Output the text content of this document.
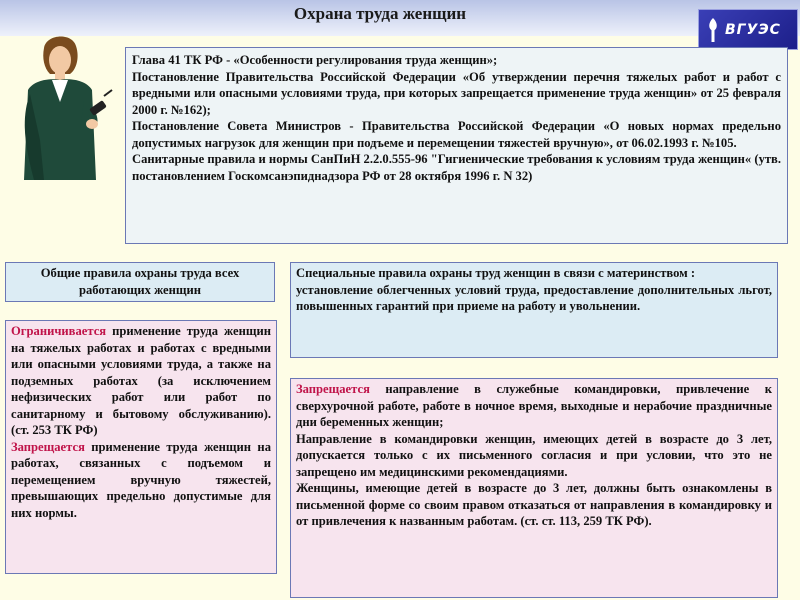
Охрана труда женщин
ВГУЭС

Глава 41 ТК РФ - «Особенности регулирования труда женщин»;

Постановление Правительства Российской Федерации «Об утверждении перечня тяжелых работ и работ с вредными или опасными условиями труда, при которых запрещается применение труда женщин» от 25 февраля 2000 г. №162);

Постановление Совета Министров - Правительства Российской Федерации «О новых нормах предельно допустимых нагрузок для женщин при подъеме и перемещении тяжестей вручную», от 06.02.1993 г. №105.

Санитарные правила и нормы СанПиН 2.2.0.555-96 "Гигиенические требования к условиям труда женщин« (утв. постановлением Госкомсанэпиднадзора РФ от 28 октября 1996 г. N 32)

Общие правила охраны труда всех работающих женщин

Специальные правила охраны труд женщин в связи с материнством :

установление облегченных условий труда, предоставление дополнительных льгот, повышенных гарантий при приеме на работу и увольнении.

Ограничивается применение труда женщин на тяжелых работах и работах с вредными или опасными условиями труда, а также на подземных работах (за исключением нефизических работ или работ по санитарному и бытовому обслуживанию). (ст. 253 ТК РФ)

Запрещается применение труда женщин на работах, связанных с подъемом и перемещением вручную тяжестей, превышающих предельно допустимые для них нормы.

Запрещается направление в служебные командировки, привлечение к сверхурочной работе, работе в ночное время, выходные и нерабочие праздничные дни беременных женщин;

Направление в командировки женщин, имеющих детей в возрасте до 3 лет, допускается только с их письменного согласия и при условии, что это не запрещено им медицинскими рекомендациями.

Женщины, имеющие детей в возрасте до 3 лет, должны быть ознакомлены в письменной форме со своим правом отказаться от направления в командировку и от привлечения к названным работам. (ст. ст. 113, 259 ТК РФ).
